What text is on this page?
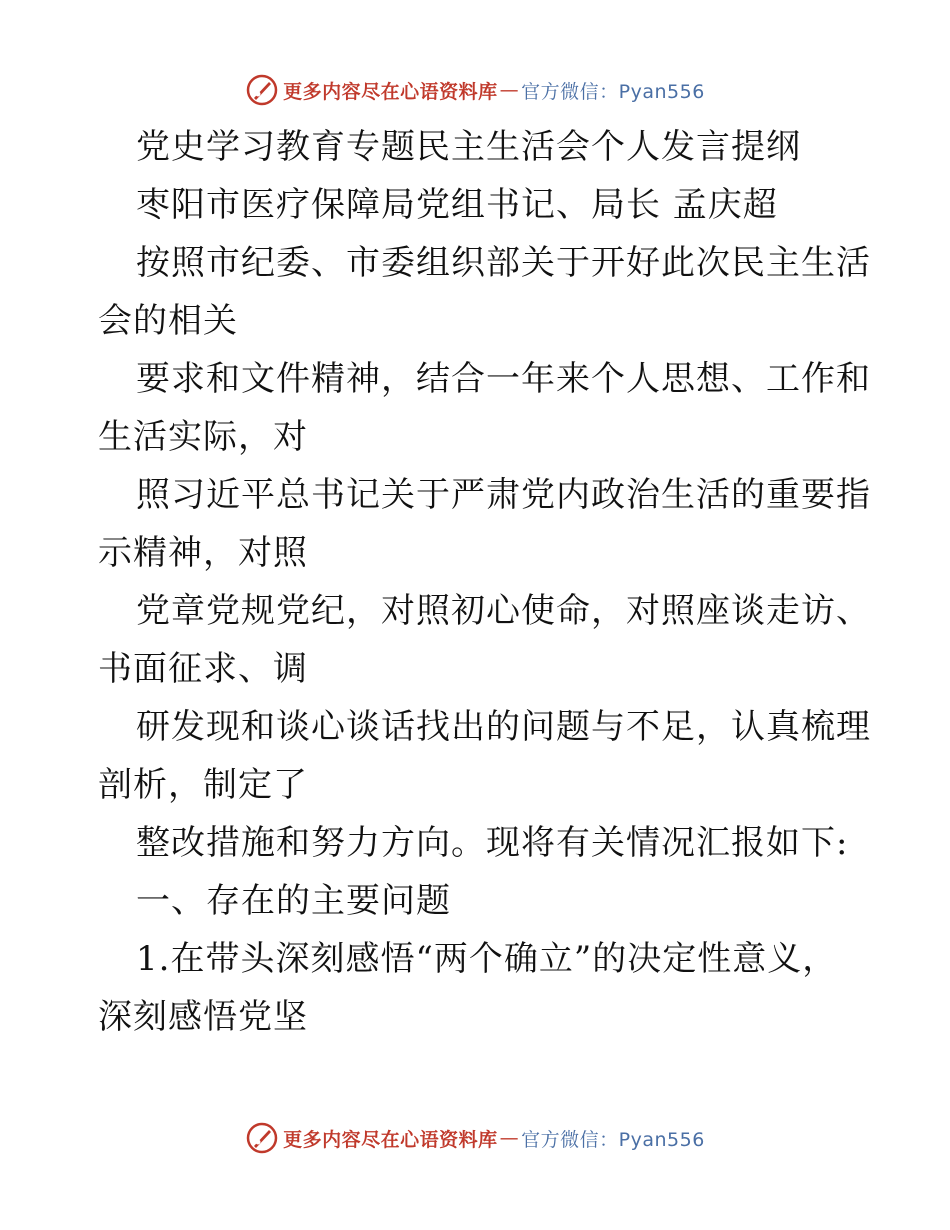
更多内容尽在心语资料库 — 官方微信：Pyan556
党史学习教育专题民主生活会个人发言提纲
枣阳市医疗保障局党组书记、局长 孟庆超
按照市纪委、市委组织部关于开好此次民主生活
会的相关
要求和文件精神，结合一年来个人思想、工作和
生活实际，对
照习近平总书记关于严肃党内政治生活的重要指
示精神，对照
党章党规党纪，对照初心使命，对照座谈走访、
书面征求、调
研发现和谈心谈话找出的问题与不足，认真梳理
剖析，制定了
整改措施和努力方向。现将有关情况汇报如下:
一、存在的主要问题
1.在带头深刻感悟“两个确立”的决定性意义，
深刻感悟党坚
更多内容尽在心语资料库 — 官方微信：Pyan556
